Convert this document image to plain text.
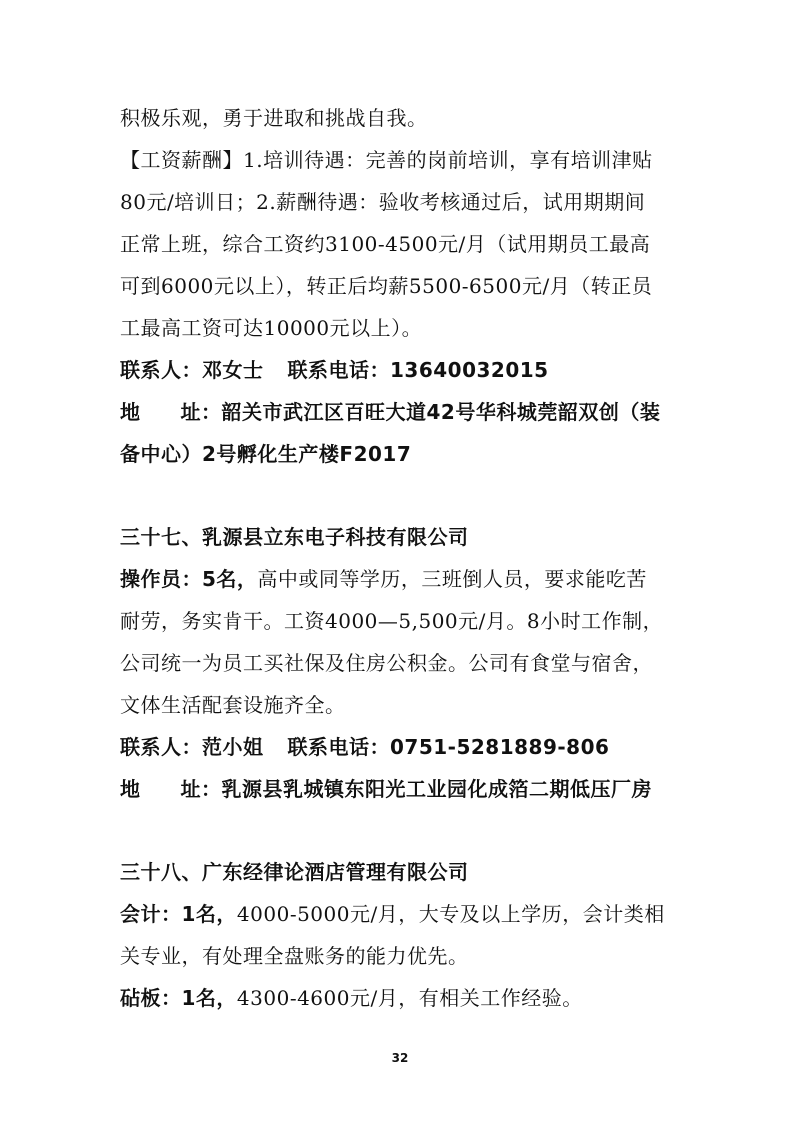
积极乐观，勇于进取和挑战自我。
【工资薪酬】1.培训待遇：完善的岗前培训，享有培训津贴
80元/培训日；2.薪酬待遇：验收考核通过后，试用期期间
正常上班，综合工资约3100-4500元/月（试用期员工最高
可到6000元以上），转正后均薪5500-6500元/月（转正员
工最高工资可达10000元以上）。
联系人：邓女士 联系电话：13640032015
地 址：韶关市武江区百旺大道42号华科城莞韶双创（装
备中心）2号孵化生产楼F2017
三十七、乳源县立东电子科技有限公司
操作员：5名，高中或同等学历，三班倒人员，要求能吃苦
耐劳，务实肯干。工资4000—5,500元/月。8小时工作制，
公司统一为员工买社保及住房公积金。公司有食堂与宿舍，
文体生活配套设施齐全。
联系人：范小姐 联系电话：0751-5281889-806
地 址：乳源县乳城镇东阳光工业园化成箔二期低压厂房
三十八、广东经律论酒店管理有限公司
会计：1名，4000-5000元/月，大专及以上学历，会计类相
关专业，有处理全盘账务的能力优先。
砧板：1名，4300-4600元/月，有相关工作经验。
32
